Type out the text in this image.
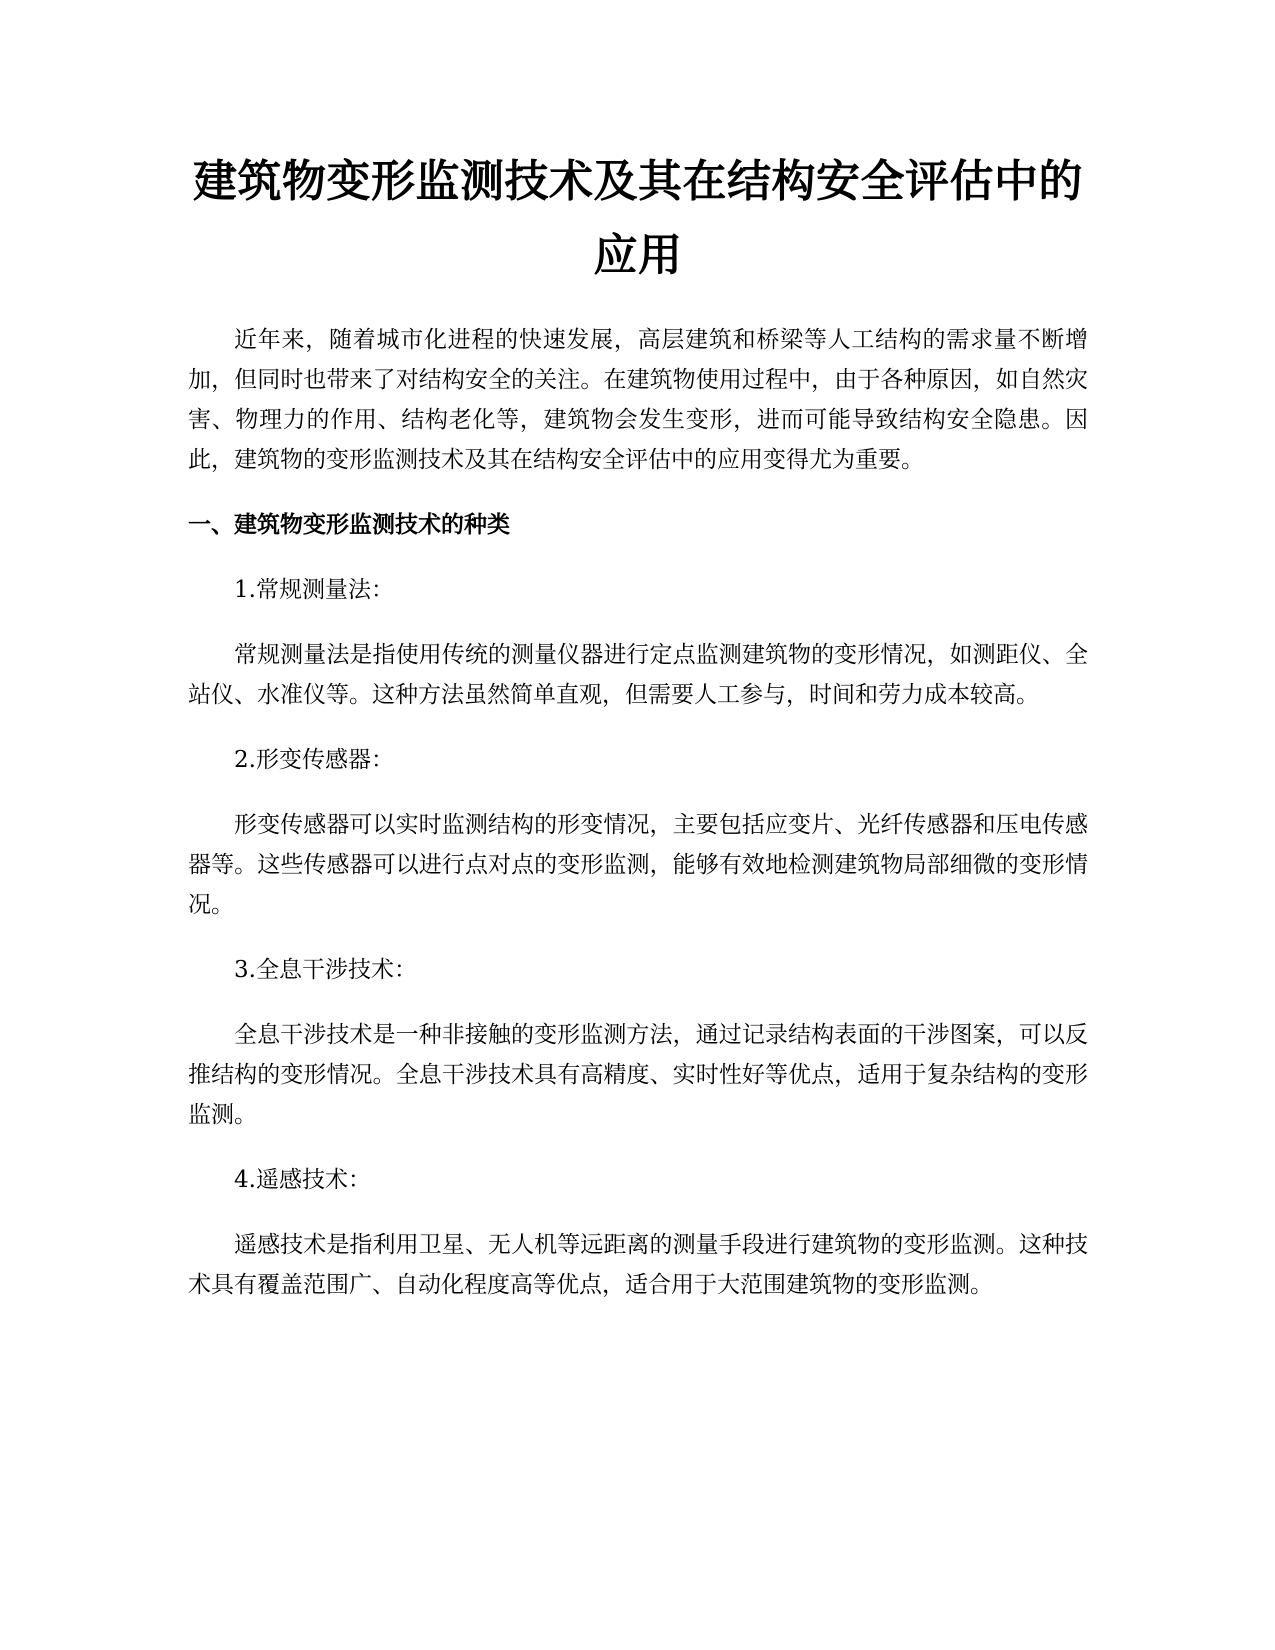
建筑物变形监测技术及其在结构安全评估中的应用

近年来，随着城市化进程的快速发展，高层建筑和桥梁等人工结构的需求量不断增加，但同时也带来了对结构安全的关注。在建筑物使用过程中，由于各种原因，如自然灾害、物理力的作用、结构老化等，建筑物会发生变形，进而可能导致结构安全隐患。因此，建筑物的变形监测技术及其在结构安全评估中的应用变得尤为重要。

一、建筑物变形监测技术的种类

1.常规测量法：

常规测量法是指使用传统的测量仪器进行定点监测建筑物的变形情况，如测距仪、全站仪、水准仪等。这种方法虽然简单直观，但需要人工参与，时间和劳力成本较高。

2.形变传感器：

形变传感器可以实时监测结构的形变情况，主要包括应变片、光纤传感器和压电传感器等。这些传感器可以进行点对点的变形监测，能够有效地检测建筑物局部细微的变形情况。

3.全息干涉技术：

全息干涉技术是一种非接触的变形监测方法，通过记录结构表面的干涉图案，可以反推结构的变形情况。全息干涉技术具有高精度、实时性好等优点，适用于复杂结构的变形监测。

4.遥感技术：

遥感技术是指利用卫星、无人机等远距离的测量手段进行建筑物的变形监测。这种技术具有覆盖范围广、自动化程度高等优点，适合用于大范围建筑物的变形监测。
